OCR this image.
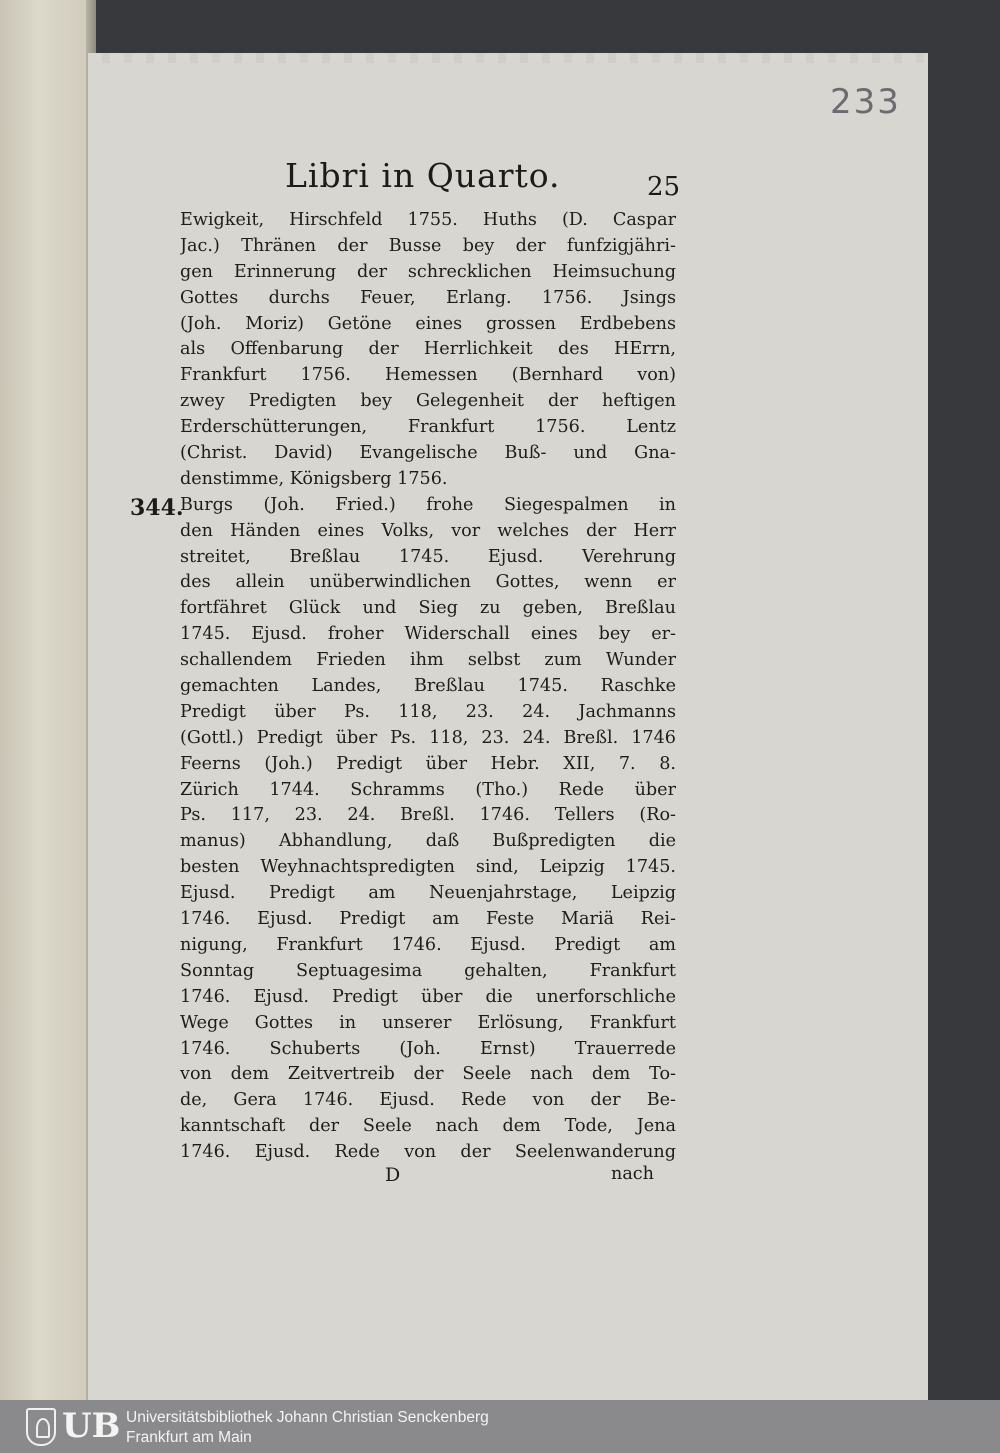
233
Libri in Quarto.	25
344.
Ewigkeit, Hirschfeld 1755. Huths (D. Caspar
Jac.) Thränen der Busse bey der funfzigjähri-
gen Erinnerung der schrecklichen Heimsuchung
Gottes durchs Feuer, Erlang. 1756. Jsings
(Joh. Moriz) Getöne eines grossen Erdbebens
als Offenbarung der Herrlichkeit des HErrn,
Frankfurt 1756. Hemessen (Bernhard von)
zwey Predigten bey Gelegenheit der heftigen
Erderschütterungen, Frankfurt 1756. Lentz
(Christ. David) Evangelische Buß- und Gna-
denstimme, Königsberg 1756.
Burgs (Joh. Fried.) frohe Siegespalmen in
den Händen eines Volks, vor welches der Herr
streitet, Breßlau 1745. Ejusd. Verehrung
des allein unüberwindlichen Gottes, wenn er
fortfähret Glück und Sieg zu geben, Breßlau
1745. Ejusd. froher Widerschall eines bey er-
schallendem Frieden ihm selbst zum Wunder
gemachten Landes, Breßlau 1745. Raschke
Predigt über Ps. 118, 23. 24. Jachmanns
(Gottl.) Predigt über Ps. 118, 23. 24. Breßl. 1746
Feerns (Joh.) Predigt über Hebr. XII, 7. 8.
Zürich 1744. Schramms (Tho.) Rede über
Ps. 117, 23. 24. Breßl. 1746. Tellers (Ro-
manus) Abhandlung, daß Bußpredigten die
besten Weyhnachtspredigten sind, Leipzig 1745.
Ejusd. Predigt am Neuenjahrstage, Leipzig
1746. Ejusd. Predigt am Feste Mariä Rei-
nigung, Frankfurt 1746. Ejusd. Predigt am
Sonntag Septuagesima gehalten, Frankfurt
1746. Ejusd. Predigt über die unerforschliche
Wege Gottes in unserer Erlösung, Frankfurt
1746. Schuberts (Joh. Ernst) Trauerrede
von dem Zeitvertreib der Seele nach dem To-
de, Gera 1746. Ejusd. Rede von der Be-
kanntschaft der Seele nach dem Tode, Jena
1746. Ejusd. Rede von der Seelenwanderung
D	nach
UB Universitätsbibliothek Johann Christian Senckenberg
Frankfurt am Main
